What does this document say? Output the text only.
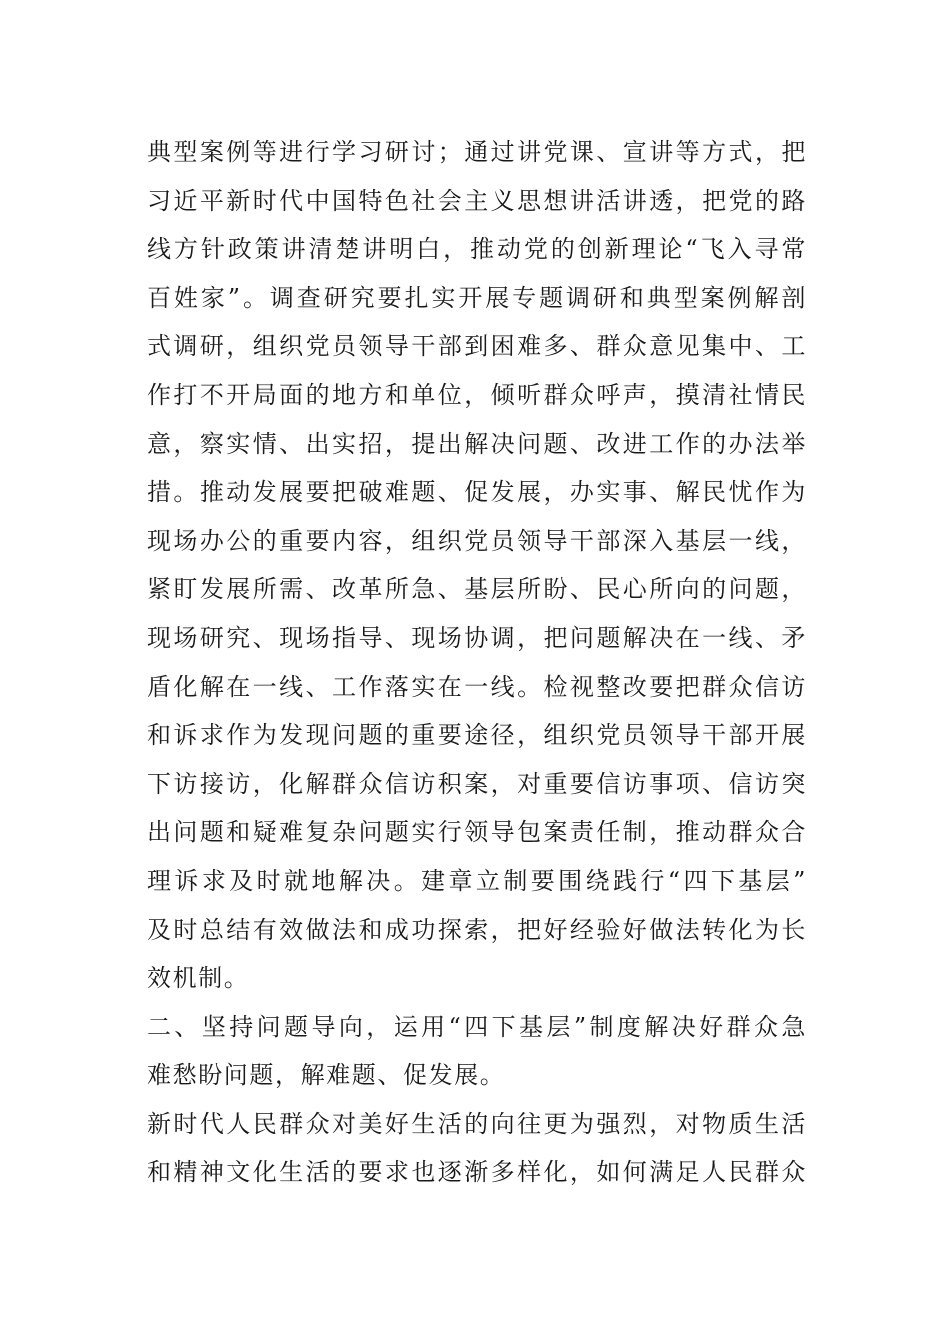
典型案例等进行学习研讨；通过讲党课、宣讲等方式，把
习近平新时代中国特色社会主义思想讲活讲透，把党的路
线方针政策讲清楚讲明白，推动党的创新理论“飞入寻常
百姓家”。调查研究要扎实开展专题调研和典型案例解剖
式调研，组织党员领导干部到困难多、群众意见集中、工
作打不开局面的地方和单位，倾听群众呼声，摸清社情民
意，察实情、出实招，提出解决问题、改进工作的办法举
措。推动发展要把破难题、促发展，办实事、解民忧作为
现场办公的重要内容，组织党员领导干部深入基层一线，
紧盯发展所需、改革所急、基层所盼、民心所向的问题，
现场研究、现场指导、现场协调，把问题解决在一线、矛
盾化解在一线、工作落实在一线。检视整改要把群众信访
和诉求作为发现问题的重要途径，组织党员领导干部开展
下访接访，化解群众信访积案，对重要信访事项、信访突
出问题和疑难复杂问题实行领导包案责任制，推动群众合
理诉求及时就地解决。建章立制要围绕践行“四下基层”
及时总结有效做法和成功探索，把好经验好做法转化为长
效机制。
二、坚持问题导向，运用“四下基层”制度解决好群众急
难愁盼问题，解难题、促发展。
新时代人民群众对美好生活的向往更为强烈，对物质生活
和精神文化生活的要求也逐渐多样化，如何满足人民群众
